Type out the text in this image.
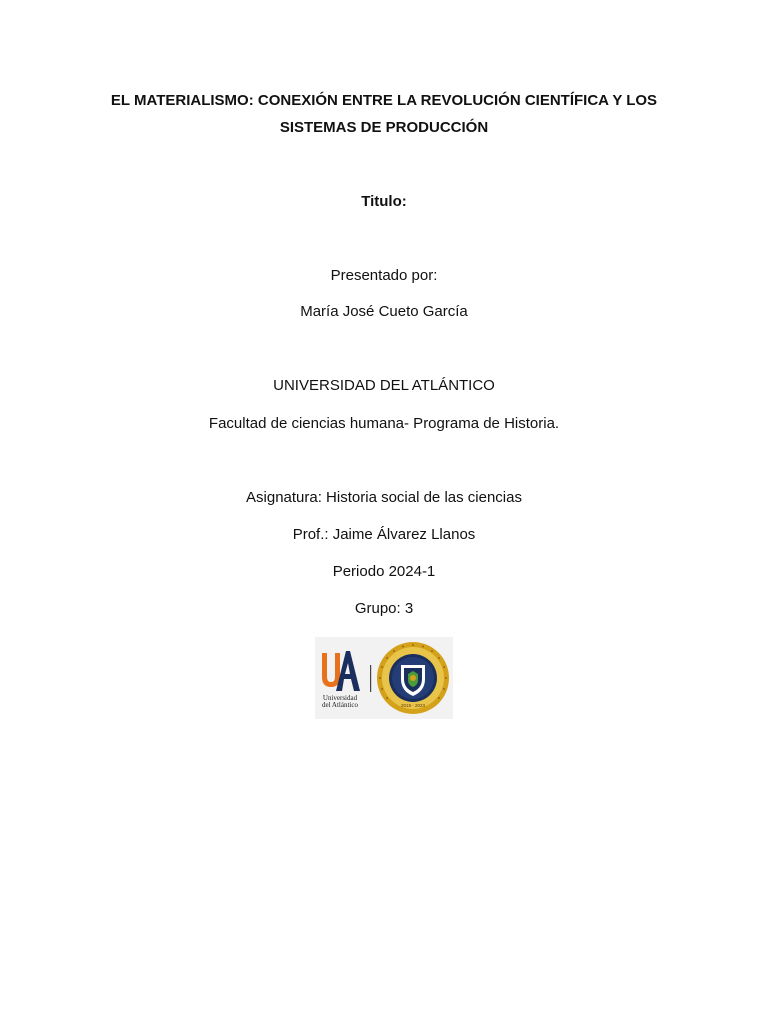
EL MATERIALISMO: CONEXIÓN ENTRE LA REVOLUCIÓN CIENTÍFICA Y LOS SISTEMAS DE PRODUCCIÓN
Titulo:
Presentado por:
María José Cueto García
UNIVERSIDAD DEL ATLÁNTICO
Facultad de ciencias humana- Programa de Historia.
Asignatura: Historia social de las ciencias
Prof.: Jaime Álvarez Llanos
Periodo 2024-1
Grupo: 3
Universidad
del Atlántico	2019 · 2023
